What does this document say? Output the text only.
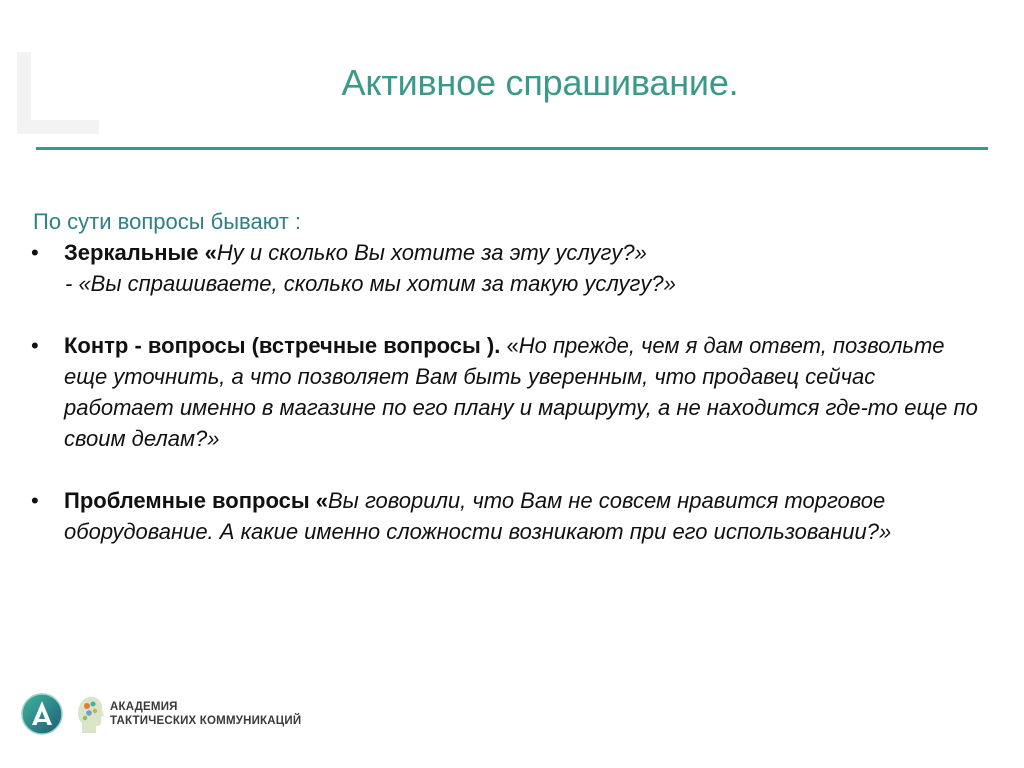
Активное спрашивание.
По сути вопросы бывают :
• Зеркальные «Ну и сколько Вы хотите за эту услугу?»
- «Вы спрашиваете, сколько мы хотим за такую услугу?»
• Контр - вопросы (встречные вопросы ). «Но прежде, чем я дам ответ, позвольте еще уточнить, а что позволяет Вам быть уверенным, что продавец сейчас работает именно в магазине по его плану и маршруту, а не находится где-то еще по своим делам?»
• Проблемные вопросы «Вы говорили, что Вам не совсем нравится торговое оборудование. А какие именно сложности возникают при его использовании?»
АКАДЕМИЯ
ТАКТИЧЕСКИХ КОММУНИКАЦИЙ
